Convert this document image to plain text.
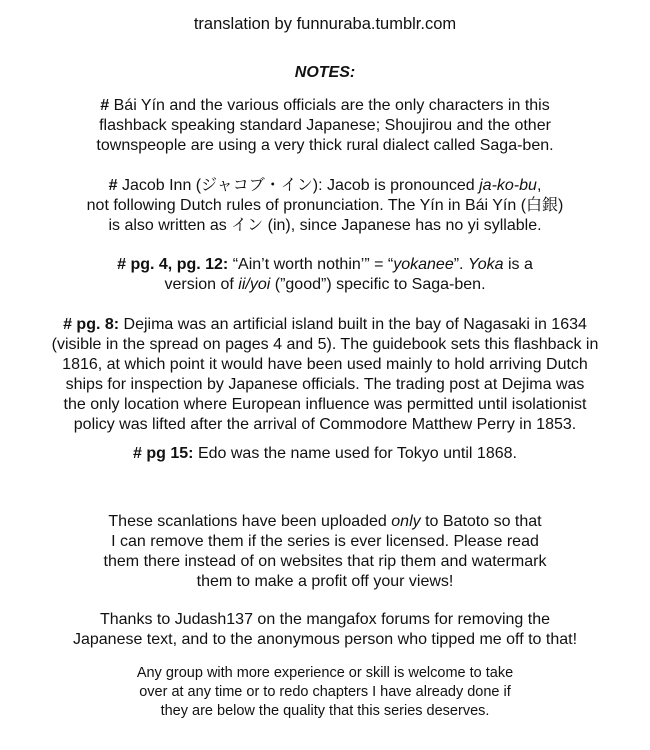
translation by funnuraba.tumblr.com

NOTES:

# Bái Yín and the various officials are the only characters in this
flashback speaking standard Japanese; Shoujirou and the other
townspeople are using a very thick rural dialect called Saga-ben.
# Jacob Inn (ジャコブ・イン): Jacob is pronounced ja-ko-bu,
not following Dutch rules of pronunciation. The Yín in Bái Yín (白銀)
is also written as イン (in), since Japanese has no yi syllable.
# pg. 4, pg. 12: “Ain’t worth nothin’” = “yokanee”. Yoka is a
version of ii/yoi (”good”) specific to Saga-ben.
# pg. 8: Dejima was an artificial island built in the bay of Nagasaki in 1634
(visible in the spread on pages 4 and 5). The guidebook sets this flashback in
1816, at which point it would have been used mainly to hold arriving Dutch
ships for inspection by Japanese officials. The trading post at Dejima was
the only location where European influence was permitted until isolationist
policy was lifted after the arrival of Commodore Matthew Perry in 1853.
# pg 15: Edo was the name used for Tokyo until 1868.
These scanlations have been uploaded only to Batoto so that
I can remove them if the series is ever licensed. Please read
them there instead of on websites that rip them and watermark
them to make a profit off your views!
Thanks to Judash137 on the mangafox forums for removing the
Japanese text, and to the anonymous person who tipped me off to that!
Any group with more experience or skill is welcome to take
over at any time or to redo chapters I have already done if
they are below the quality that this series deserves.
